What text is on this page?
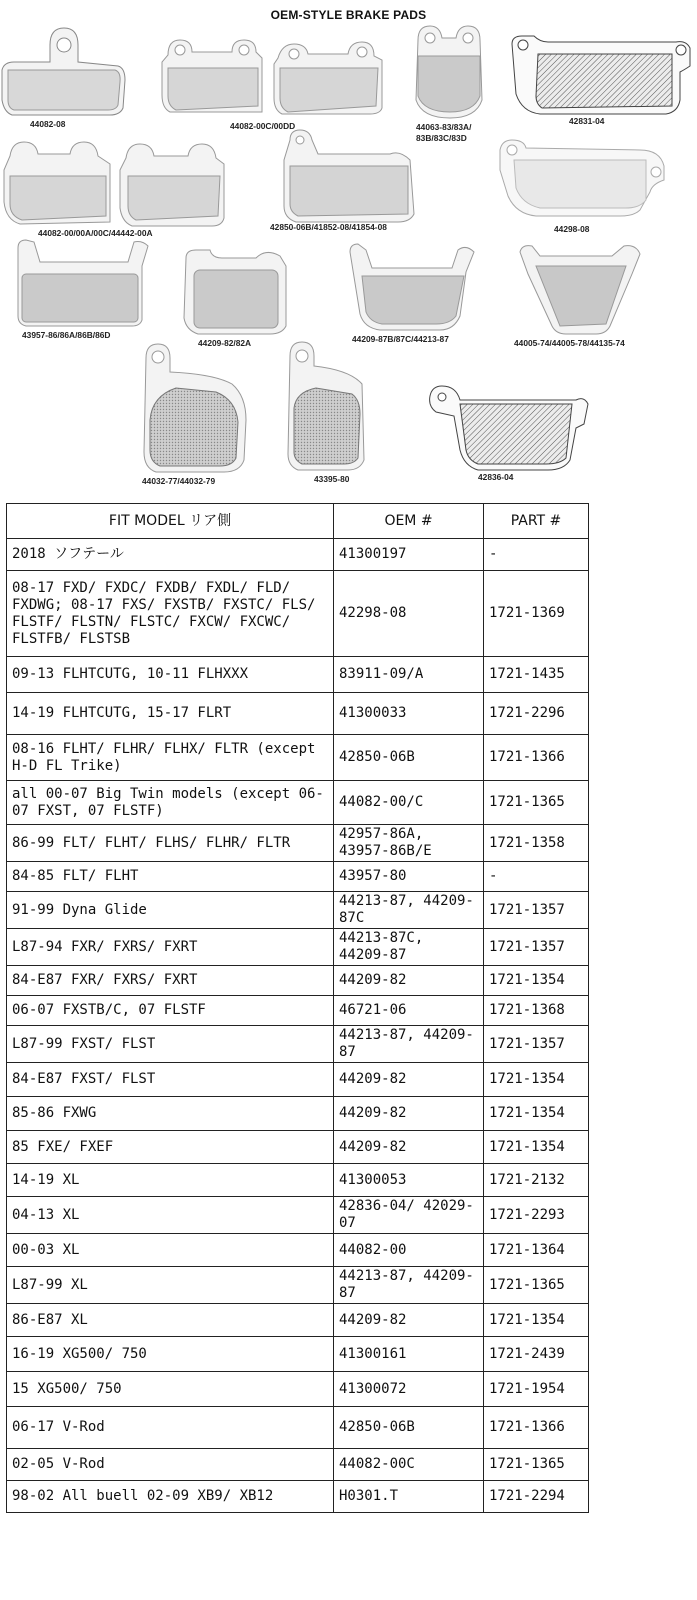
OEM-STYLE BRAKE PADS
44082-08	44082-00C/00DD	44063-83/83A/
83B/83C/83D
42831-04
44082-00/00A/00C/44442-00A
42850-06B/41852-08/41854-08	44298-08
43957-86/86A/86B/86D
44209-82/82A	44209-87B/87C/44213-87	44005-74/44005-78/44135-74
44032-77/44032-79	43395-80	42836-04
FIT MODEL リア側	OEM #	PART #
2018 ソフテール	41300197	-
08-17 FXD/ FXDC/ FXDB/ FXDL/ FLD/ FXDWG; 08-17 FXS/ FXSTB/ FXSTC/ FLS/ FLSTF/ FLSTN/ FLSTC/ FXCW/ FXCWC/ FLSTFB/ FLSTSB	42298-08	1721-1369
09-13 FLHTCUTG, 10-11 FLHXXX	83911-09/A	1721-1435
14-19 FLHTCUTG, 15-17 FLRT	41300033	1721-2296
08-16 FLHT/ FLHR/ FLHX/ FLTR (except H-D FL Trike)	42850-06B	1721-1366
all 00-07 Big Twin models (except 06-07 FXST, 07 FLSTF)	44082-00/C	1721-1365
86-99 FLT/ FLHT/ FLHS/ FLHR/ FLTR	42957-86A, 43957-86B/E	1721-1358
84-85 FLT/ FLHT	43957-80	-
91-99 Dyna Glide	44213-87, 44209-87C	1721-1357
L87-94 FXR/ FXRS/ FXRT	44213-87C, 44209-87	1721-1357
84-E87 FXR/ FXRS/ FXRT	44209-82	1721-1354
06-07 FXSTB/C, 07 FLSTF	46721-06	1721-1368
L87-99 FXST/ FLST	44213-87, 44209-87	1721-1357
84-E87 FXST/ FLST	44209-82	1721-1354
85-86 FXWG	44209-82	1721-1354
85 FXE/ FXEF	44209-82	1721-1354
14-19 XL	41300053	1721-2132
04-13 XL	42836-04/ 42029-07	1721-2293
00-03 XL	44082-00	1721-1364
L87-99 XL	44213-87, 44209-87	1721-1365
86-E87 XL	44209-82	1721-1354
16-19 XG500/ 750	41300161	1721-2439
15 XG500/ 750	41300072	1721-1954
06-17 V-Rod	42850-06B	1721-1366
02-05 V-Rod	44082-00C	1721-1365
98-02 All buell 02-09 XB9/ XB12	H0301.T	1721-2294
